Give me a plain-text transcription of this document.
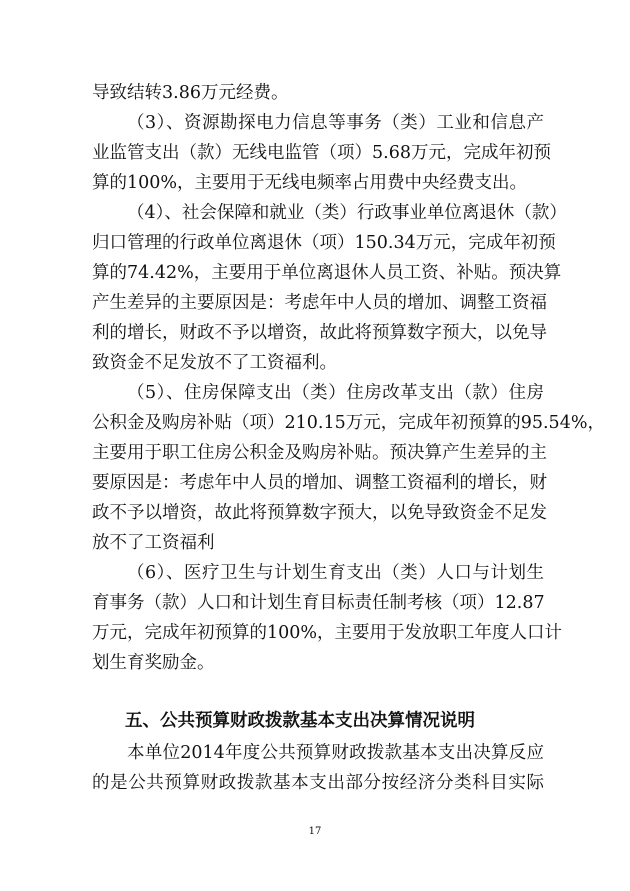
导致结转3.86万元经费。
（3）、资源勘探电力信息等事务（类）工业和信息产
业监管支出（款）无线电监管（项）5.68万元，完成年初预
算的100%，主要用于无线电频率占用费中央经费支出。
（4）、社会保障和就业（类）行政事业单位离退休（款）
归口管理的行政单位离退休（项）150.34万元，完成年初预
算的74.42%，主要用于单位离退休人员工资、补贴。预决算
产生差异的主要原因是：考虑年中人员的增加、调整工资福
利的增长，财政不予以增资，故此将预算数字预大，以免导
致资金不足发放不了工资福利。
（5）、住房保障支出（类）住房改革支出（款）住房
公积金及购房补贴（项）210.15万元，完成年初预算的95.54%，
主要用于职工住房公积金及购房补贴。预决算产生差异的主
要原因是：考虑年中人员的增加、调整工资福利的增长，财
政不予以增资，故此将预算数字预大，以免导致资金不足发
放不了工资福利
（6）、医疗卫生与计划生育支出（类）人口与计划生
育事务（款）人口和计划生育目标责任制考核（项）12.87
万元，完成年初预算的100%，主要用于发放职工年度人口计
划生育奖励金。
五、公共预算财政拨款基本支出决算情况说明
本单位2014年度公共预算财政拨款基本支出决算反应
的是公共预算财政拨款基本支出部分按经济分类科目实际
17
